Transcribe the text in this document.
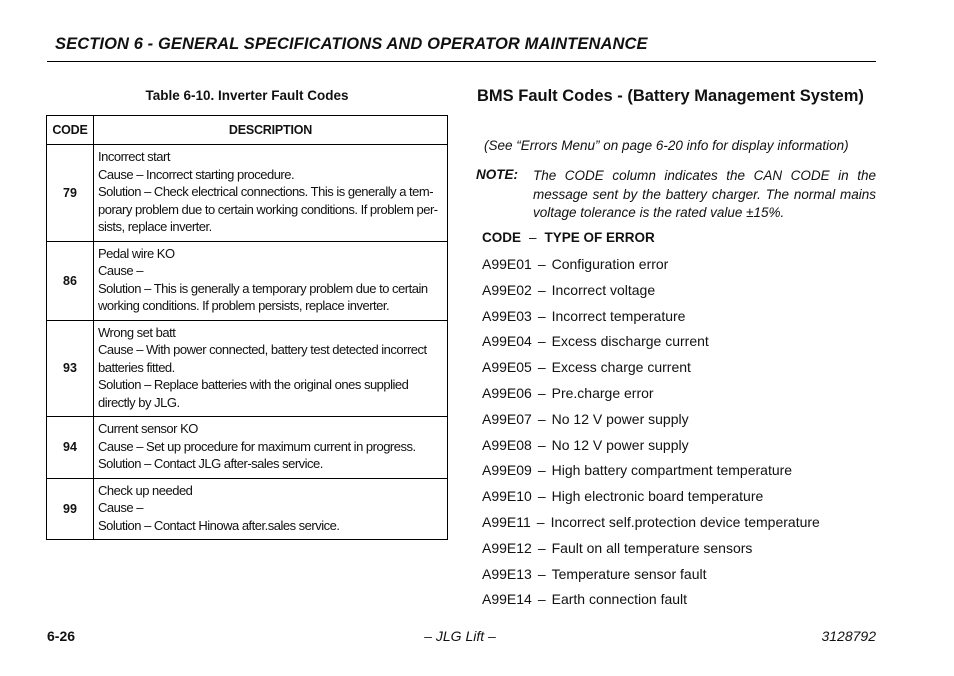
SECTION 6 - GENERAL SPECIFICATIONS AND OPERATOR MAINTENANCE
Table 6-10. Inverter Fault Codes
CODE	DESCRIPTION
79	Incorrect start
Cause – Incorrect starting procedure.
Solution – Check electrical connections. This is generally a tem-
porary problem due to certain working conditions. If problem per-
sists, replace inverter.

86	Pedal wire KO
Cause –
Solution – This is generally a temporary problem due to certain
working conditions. If problem persists, replace inverter.

93	Wrong set batt
Cause – With power connected, battery test detected incorrect
batteries fitted.
Solution – Replace batteries with the original ones supplied
directly by JLG.

94	Current sensor KO
Cause – Set up procedure for maximum current in progress.
Solution – Contact JLG after-sales service.

99	Check up needed
Cause –
Solution – Contact Hinowa after.sales service.
BMS Fault Codes - (Battery Management System)
(See “Errors Menu” on page 6-20 info for display information)
NOTE: The CODE column indicates the CAN CODE in the message sent by the battery charger. The normal mains voltage tolerance is the rated value ±15%.
CODE – TYPE OF ERROR
A99E01 – Configuration error
A99E02 – Incorrect voltage
A99E03 – Incorrect temperature
A99E04 – Excess discharge current
A99E05 – Excess charge current
A99E06 – Pre.charge error
A99E07 – No 12 V power supply
A99E08 – No 12 V power supply
A99E09 – High battery compartment temperature
A99E10 – High electronic board temperature
A99E11 – Incorrect self.protection device temperature
A99E12 – Fault on all temperature sensors
A99E13 – Temperature sensor fault
A99E14 – Earth connection fault
6-26	– JLG Lift –	3128792
